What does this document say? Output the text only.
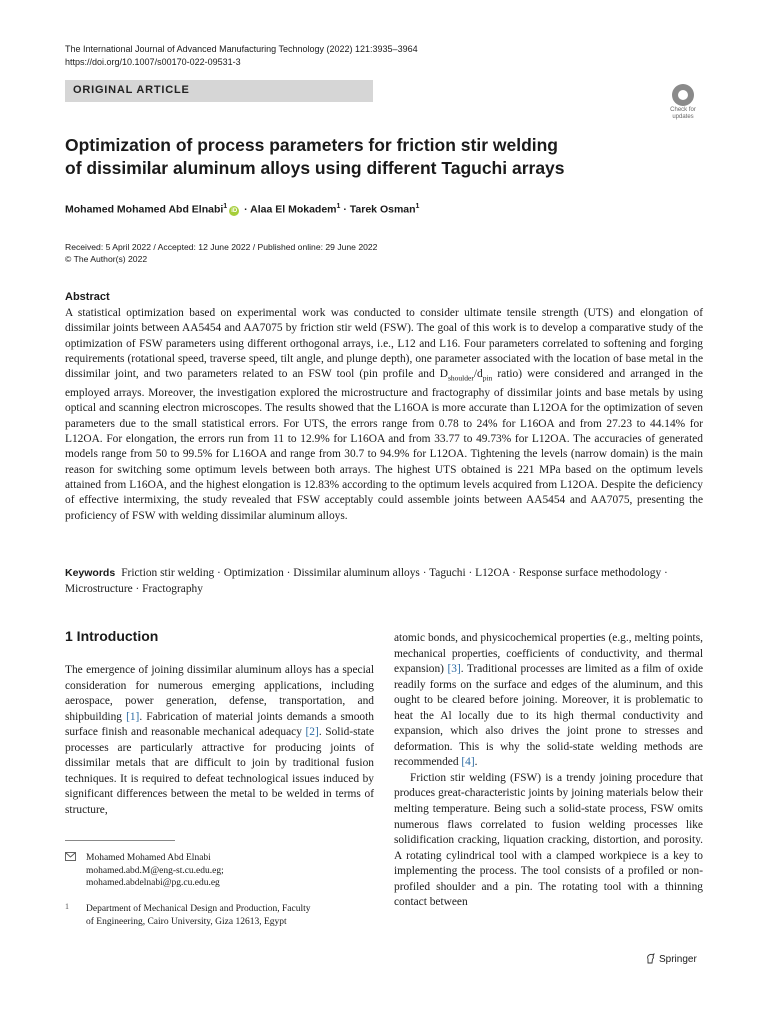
The International Journal of Advanced Manufacturing Technology (2022) 121:3935–3964
https://doi.org/10.1007/s00170-022-09531-3
ORIGINAL ARTICLE
Check for
updates
Optimization of process parameters for friction stir welding
of dissimilar aluminum alloys using different Taguchi arrays
Mohamed Mohamed Abd Elnabi$^1$iD · Alaa El Mokadem$^1$ · Tarek Osman$^1$
Received: 5 April 2022 / Accepted: 12 June 2022 / Published online: 29 June 2022
© The Author(s) 2022
Abstract
A statistical optimization based on experimental work was conducted to consider ultimate tensile strength (UTS) and elongation of dissimilar joints between AA5454 and AA7075 by friction stir weld (FSW). The goal of this work is to develop a comparative study of the optimization of FSW parameters using different orthogonal arrays, i.e., L12 and L16. Four parameters correlated to softening and forging requirements (rotational speed, traverse speed, tilt angle, and plunge depth), one parameter associated with the location of base metal in the dissimilar joint, and two parameters related to an FSW tool (pin profile and $D_{shoulder}/d_{pin}$ ratio) were considered and arranged in the employed arrays. Moreover, the investigation explored the microstructure and fractography of dissimilar joints and base metals by using optical and scanning electron microscopes. The results showed that the L16OA is more accurate than L12OA for the optimization of seven parameters due to the small statistical errors. For UTS, the errors range from 0.78 to 24% for L16OA and from 27.23 to 44.14% for L12OA. For elongation, the errors run from 11 to 12.9% for L16OA and from 33.77 to 49.73% for L12OA. The accuracies of generated models range from 50 to 99.5% for L16OA and range from 30.7 to 94.9% for L12OA. Tightening the levels (narrow domain) is the main reason for switching some optimum levels between both arrays. The highest UTS obtained is 221 MPa based on the optimum levels attained from L16OA, and the highest elongation is 12.83% according to the optimum levels acquired from L12OA. Despite the deficiency of effective intermixing, the study revealed that FSW acceptably could assemble joints between AA5454 and AA7075, presenting the proficiency of FSW with welding dissimilar aluminum alloys.
Keywords Friction stir welding · Optimization · Dissimilar aluminum alloys · Taguchi · L12OA · Response surface methodology · Microstructure · Fractography
1 Introduction

The emergence of joining dissimilar aluminum alloys has a special consideration for numerous emerging applications, including aerospace, power generation, defense, transportation, and shipbuilding [1]. Fabrication of material joints demands a smooth surface finish and reasonable mechanical adequacy [2]. Solid-state processes are particularly attractive for producing joints of dissimilar metals that are difficult to join by traditional fusion techniques. It is required to defeat technological issues induced by significant differences between the metal to be welded in terms of structure,

atomic bonds, and physicochemical properties (e.g., melting points, mechanical properties, coefficients of conductivity, and thermal expansion) [3]. Traditional processes are limited as a film of oxide readily forms on the surface and edges of the aluminum, and this ought to be cleared before joining. Moreover, it is problematic to heat the Al locally due to its high thermal conductivity and expansion, which also drives the joint prone to stresses and deformation. This is why the solid-state welding methods are recommended [4].

Friction stir welding (FSW) is a trendy joining procedure that produces great-characteristic joints by joining materials below their melting temperature. Being such a solid-state process, FSW omits numerous flaws correlated to fusion welding processes like solidification cracking, liquation cracking, distortion, and porosity. A rotating cylindrical tool with a clamped workpiece is a key to implementing the process. The tool consists of a profiled or non-profiled shoulder and a pin. The rotating tool with a thinning contact between

Mohamed Mohamed Abd Elnabi
mohamed.abd.M@eng-st.cu.edu.eg;
mohamed.abdelnabi@pg.cu.edu.eg
1 Department of Mechanical Design and Production, Faculty
of Engineering, Cairo University, Giza 12613, Egypt
Springer
